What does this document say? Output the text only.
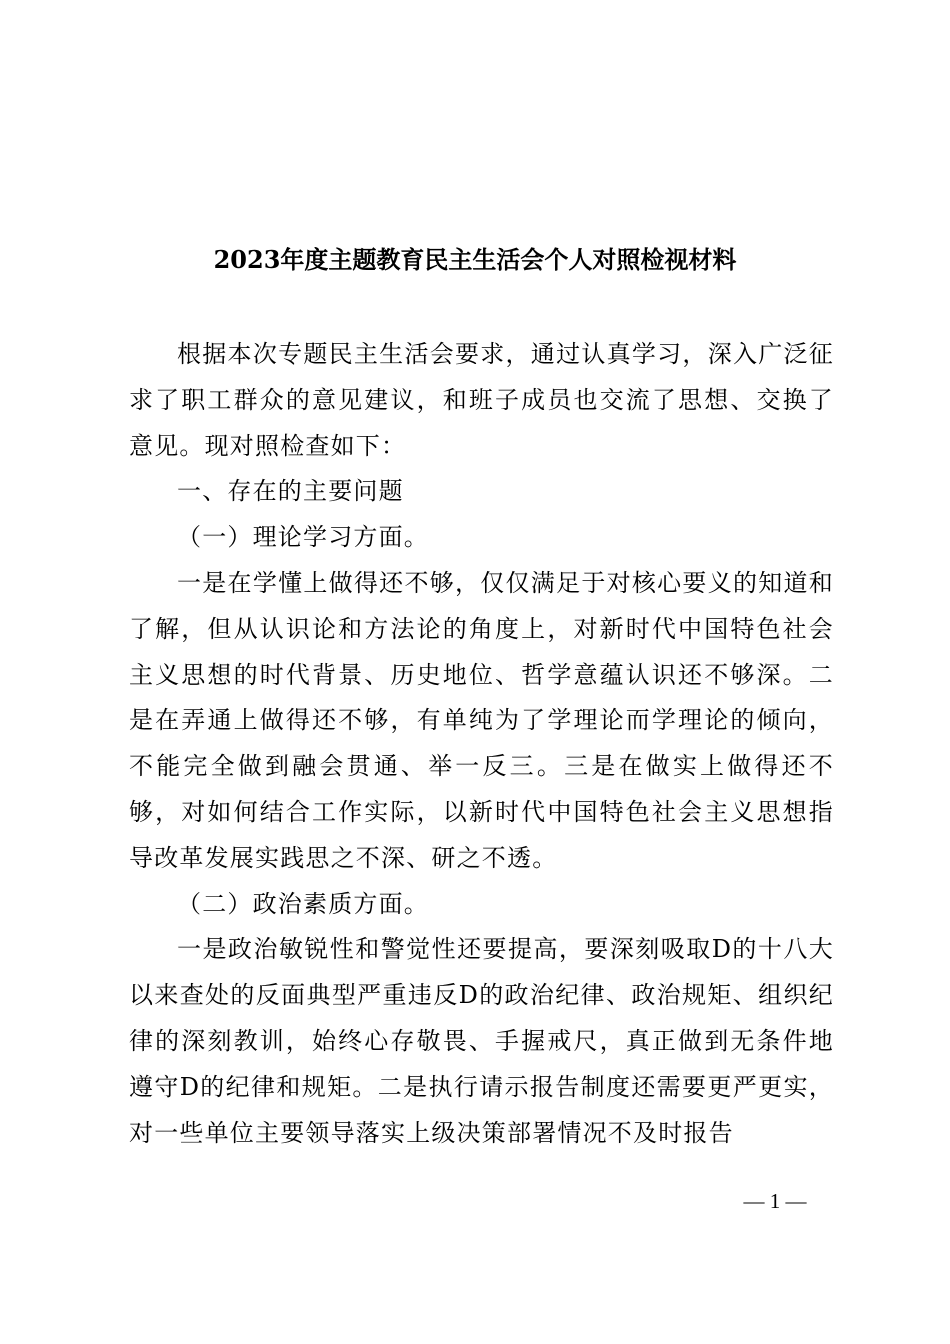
2023年度主题教育民主生活会个人对照检视材料

根据本次专题民主生活会要求，通过认真学习，深入广泛征求了职工群众的意见建议，和班子成员也交流了思想、交换了意见。现对照检查如下：

一、存在的主要问题

（一）理论学习方面。

一是在学懂上做得还不够，仅仅满足于对核心要义的知道和了解，但从认识论和方法论的角度上，对新时代中国特色社会主义思想的时代背景、历史地位、哲学意蕴认识还不够深。二是在弄通上做得还不够，有单纯为了学理论而学理论的倾向，不能完全做到融会贯通、举一反三。三是在做实上做得还不够，对如何结合工作实际，以新时代中国特色社会主义思想指导改革发展实践思之不深、研之不透。

（二）政治素质方面。

一是政治敏锐性和警觉性还要提高，要深刻吸取D的十八大以来查处的反面典型严重违反D的政治纪律、政治规矩、组织纪律的深刻教训，始终心存敬畏、手握戒尺，真正做到无条件地遵守D的纪律和规矩。二是执行请示报告制度还需要更严更实，对一些单位主要领导落实上级决策部署情况不及时报告

— 1 —
